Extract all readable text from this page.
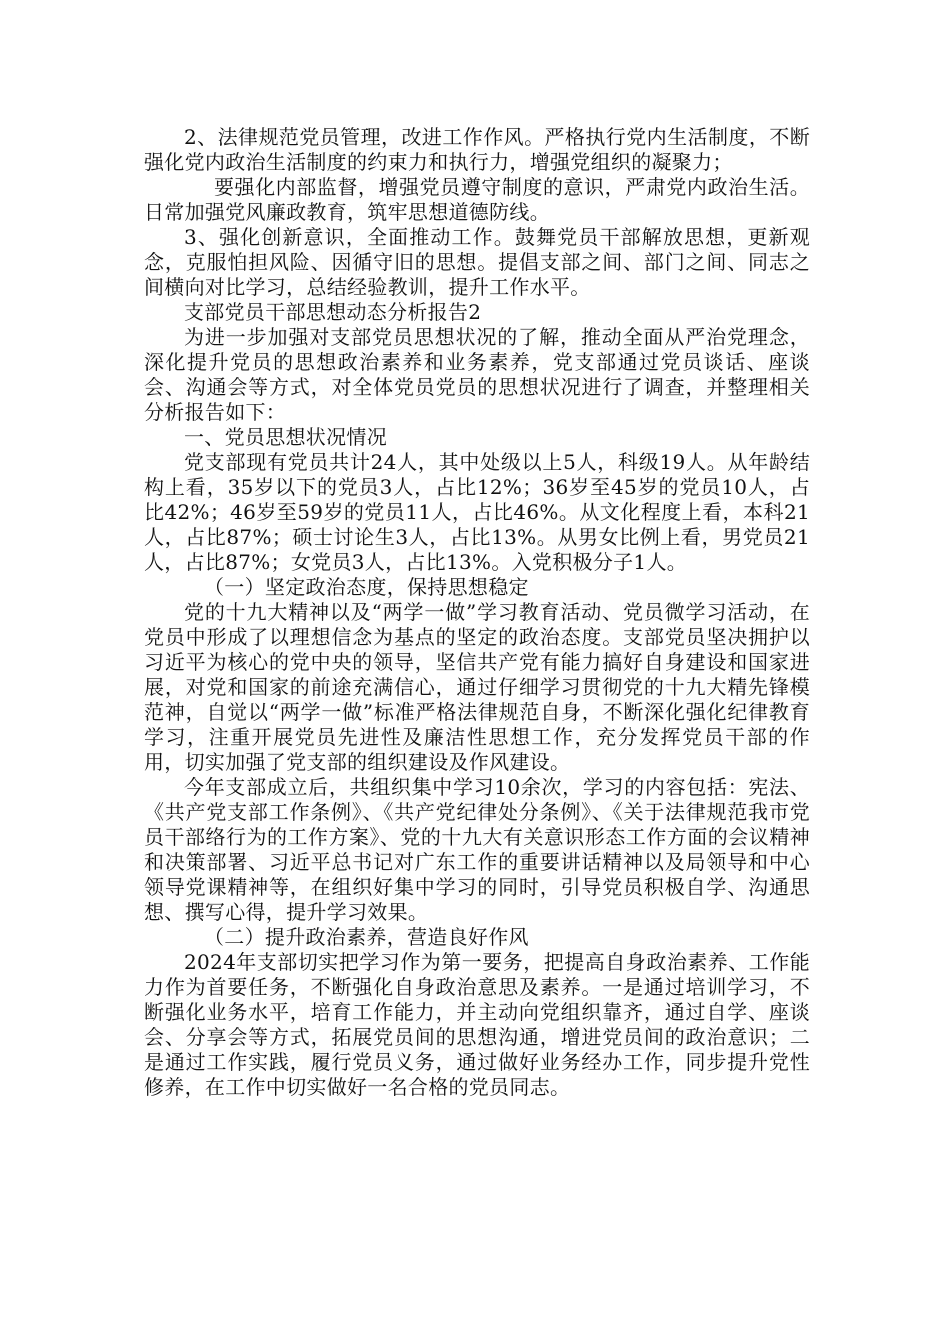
2、法律规范党员管理，改进工作作风。严格执行党内生活制度，不断强化党内政治生活制度的约束力和执行力，增强党组织的凝聚力；

要强化内部监督，增强党员遵守制度的意识，严肃党内政治生活。日常加强党风廉政教育，筑牢思想道德防线。

3、强化创新意识，全面推动工作。鼓舞党员干部解放思想，更新观念，克服怕担风险、因循守旧的思想。提倡支部之间、部门之间、同志之间横向对比学习，总结经验教训，提升工作水平。

支部党员干部思想动态分析报告2

为进一步加强对支部党员思想状况的了解，推动全面从严治党理念，深化提升党员的思想政治素养和业务素养，党支部通过党员谈话、座谈会、沟通会等方式，对全体党员党员的思想状况进行了调查，并整理相关分析报告如下：

一、党员思想状况情况

党支部现有党员共计24人，其中处级以上5人，科级19人。从年龄结构上看，35岁以下的党员3人，占比12%；36岁至45岁的党员10人，占比42%；46岁至59岁的党员11人，占比46%。从文化程度上看，本科21人，占比87%；硕士讨论生3人，占比13%。从男女比例上看，男党员21人，占比87%；女党员3人，占比13%。入党积极分子1人。

（一）坚定政治态度，保持思想稳定

党的十九大精神以及“两学一做”学习教育活动、党员微学习活动，在党员中形成了以理想信念为基点的坚定的政治态度。支部党员坚决拥护以习近平为核心的党中央的领导，坚信共产党有能力搞好自身建设和国家进展，对党和国家的前途充满信心，通过仔细学习贯彻党的十九大精先锋模范神，自觉以“两学一做”标准严格法律规范自身，不断深化强化纪律教育学习，注重开展党员先进性及廉洁性思想工作，充分发挥党员干部的作用，切实加强了党支部的组织建设及作风建设。

今年支部成立后，共组织集中学习10余次，学习的内容包括：宪法、《共产党支部工作条例》、《共产党纪律处分条例》、《关于法律规范我市党员干部络行为的工作方案》、党的十九大有关意识形态工作方面的会议精神和决策部署、习近平总书记对广东工作的重要讲话精神以及局领导和中心领导党课精神等，在组织好集中学习的同时，引导党员积极自学、沟通思想、撰写心得，提升学习效果。

（二）提升政治素养，营造良好作风

2024年支部切实把学习作为第一要务，把提高自身政治素养、工作能力作为首要任务，不断强化自身政治意思及素养。一是通过培训学习，不断强化业务水平，培育工作能力，并主动向党组织靠齐，通过自学、座谈会、分享会等方式，拓展党员间的思想沟通，增进党员间的政治意识；二是通过工作实践，履行党员义务，通过做好业务经办工作，同步提升党性修养，在工作中切实做好一名合格的党员同志。
